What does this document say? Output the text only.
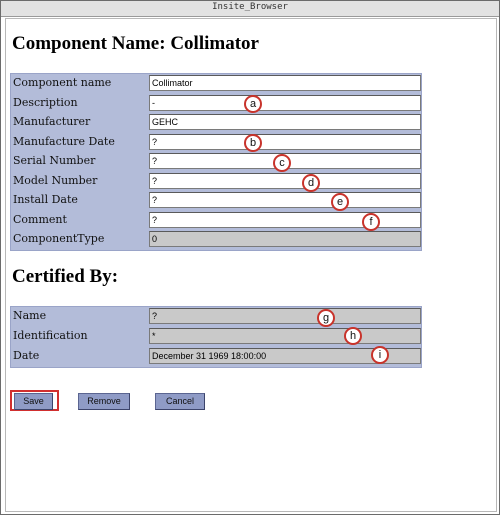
Insite_Browser
Component Name: Collimator
Component name	Collimator
Description	-
Manufacturer	GEHC
Manufacture Date	?
Serial Number	?
Model Number	?
Install Date	?
Comment	?
ComponentType	0
Certified By:
Name	?
Identification	*
Date	December 31 1969 18:00:00
a
b
c
d
e
f
g
h
i
Save	Remove	Cancel
